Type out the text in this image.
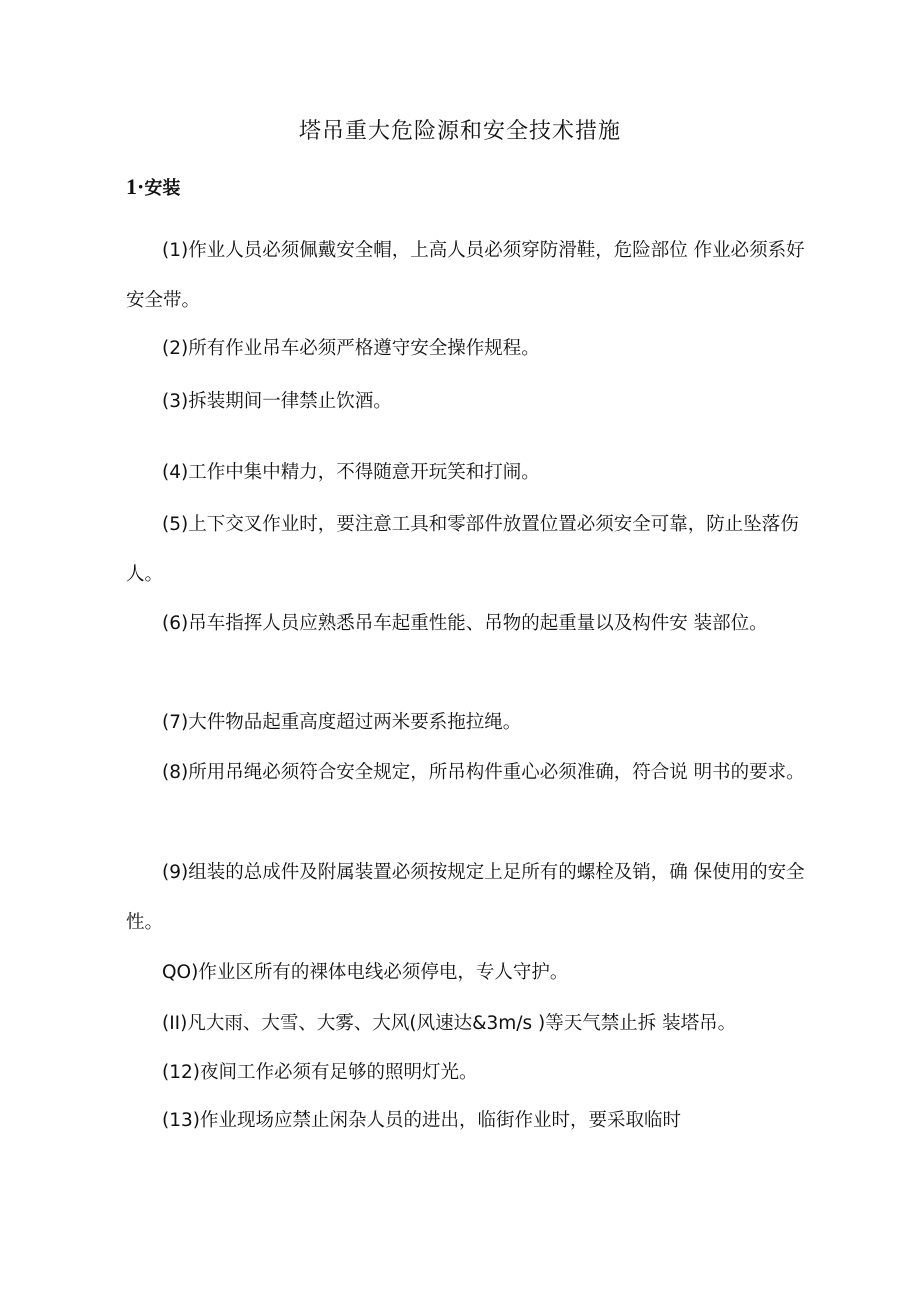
塔吊重大危险源和安全技术措施
1·安装

(1)作业人员必须佩戴安全帽，上高人员必须穿防滑鞋，危险部位 作业必须系好安全带。

(2)所有作业吊车必须严格遵守安全操作规程。

(3)拆装期间一律禁止饮酒。

(4)工作中集中精力，不得随意开玩笑和打闹。

(5)上下交叉作业时，要注意工具和零部件放置位置必须安全可靠，防止坠落伤人。

(6)吊车指挥人员应熟悉吊车起重性能、吊物的起重量以及构件安 装部位。

(7)大件物品起重高度超过两米要系拖拉绳。

(8)所用吊绳必须符合安全规定，所吊构件重心必须准确，符合说 明书的要求。

(9)组装的总成件及附属装置必须按规定上足所有的螺栓及销，确 保使用的安全性。

QO)作业区所有的裸体电线必须停电，专人守护。

(II)凡大雨、大雪、大雾、大风(风速达&3m/s )等天气禁止拆 装塔吊。

(12)夜间工作必须有足够的照明灯光。

(13)作业现场应禁止闲杂人员的进出，临街作业时，要采取临时
